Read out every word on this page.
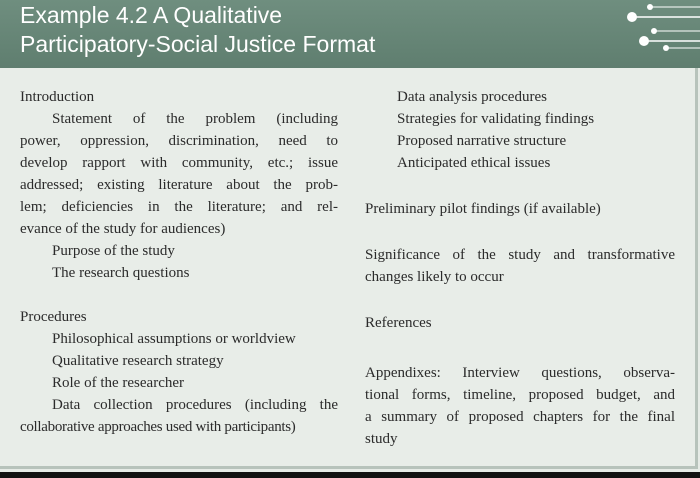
Example 4.2 A Qualitative
Participatory-Social Justice Format
Introduction
Statement of the problem (including
power, oppression, discrimination, need to
develop rapport with community, etc.; issue
addressed; existing literature about the prob-
lem; deficiencies in the literature; and rel-
evance of the study for audiences)
Purpose of the study
The research questions
Procedures
Philosophical assumptions or worldview
Qualitative research strategy
Role of the researcher
Data collection procedures (including the
collaborative approaches used with participants)
Data analysis procedures
Strategies for validating findings
Proposed narrative structure
Anticipated ethical issues
Preliminary pilot findings (if available)
Significance of the study and transformative
changes likely to occur
References
Appendixes: Interview questions, observa-
tional forms, timeline, proposed budget, and
a summary of proposed chapters for the final
study
